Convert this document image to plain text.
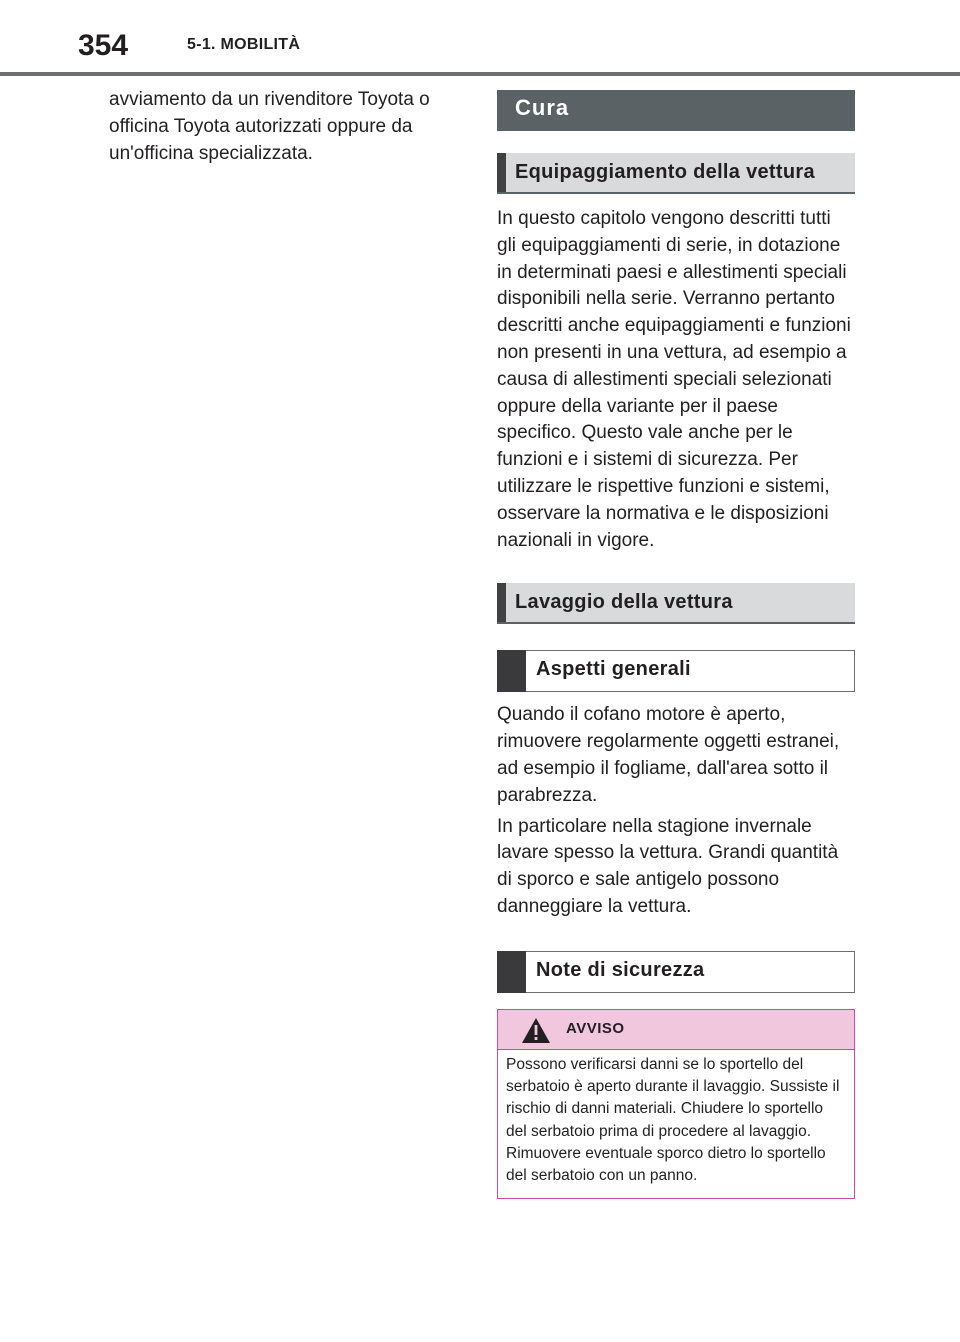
354	5-1. MOBILITÀ

avviamento da un rivenditore Toyota o officina Toyota autorizzati oppure da un'officina specializzata.

Cura
Equipaggiamento della vettura

In questo capitolo vengono descritti tutti gli equipaggiamenti di serie, in dotazione in determinati paesi e allestimenti speciali disponibili nella serie. Verranno pertanto descritti anche equipaggiamenti e funzioni non presenti in una vettura, ad esempio a causa di allestimenti speciali selezionati oppure della variante per il paese specifico. Questo vale anche per le funzioni e i sistemi di sicurezza. Per utilizzare le rispettive funzioni e sistemi, osservare la normativa e le disposizioni nazionali in vigore.

Lavaggio della vettura
Aspetti generali

Quando il cofano motore è aperto, rimuovere regolarmente oggetti estranei, ad esempio il fogliame, dall'area sotto il parabrezza.

In particolare nella stagione invernale lavare spesso la vettura. Grandi quantità di sporco e sale antigelo possono danneggiare la vettura.

Note di sicurezza
AVVISO
Possono verificarsi danni se lo sportello del serbatoio è aperto durante il lavaggio. Sussiste il rischio di danni materiali. Chiudere lo sportello del serbatoio prima di procedere al lavaggio. Rimuovere eventuale sporco dietro lo sportello del serbatoio con un panno.
